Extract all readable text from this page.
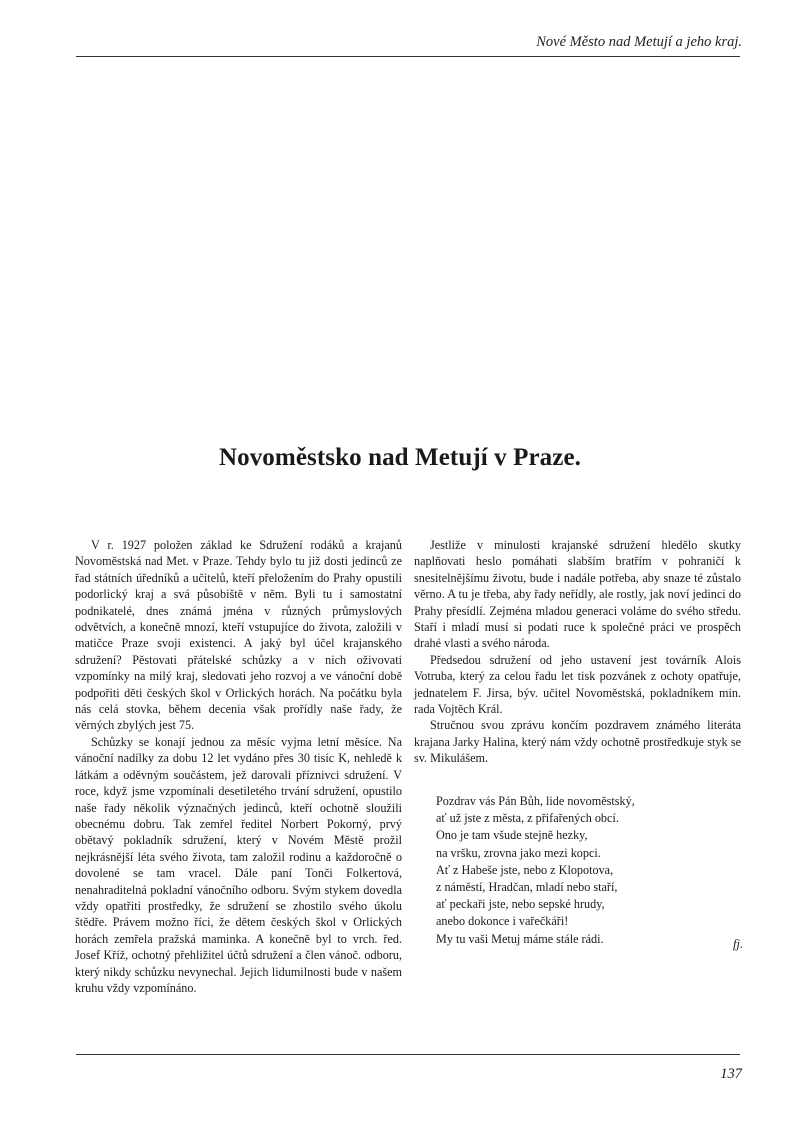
Nové Město nad Metují a jeho kraj.
Novoměstsko nad Metují v Praze.

V r. 1927 položen základ ke Sdružení rodáků a krajanů Novoměstská nad Met. v Praze. Tehdy bylo tu již dosti jedinců ze řad státních úředníků a učitelů, kteří přeložením do Prahy opustili podorlický kraj a svá působiště v něm. Byli tu i samostatní podnikatelé, dnes známá jména v různých průmyslových odvětvích, a konečně mnozí, kteří vstupujíce do života, založili v matičce Praze svoji existenci. A jaký byl účel krajanského sdružení? Pěstovati přátelské schůzky a v nich oživovati vzpomínky na milý kraj, sledovati jeho rozvoj a ve vánoční době podpořiti děti českých škol v Orlických horách. Na počátku byla nás celá stovka, během decenia však prořídly naše řady, že věrných zbylých jest 75.

Schůzky se konají jednou za měsíc vyjma letní měsíce. Na vánoční nadílky za dobu 12 let vydáno přes 30 tisíc K, nehledě k látkám a oděvným součástem, jež darovali příznivci sdružení. V roce, když jsme vzpomínali desetiletého trvání sdružení, opustilo naše řady několik význačných jedinců, kteří ochotně sloužili obecnému dobru. Tak zemřel ředitel Norbert Pokorný, prvý obětavý pokladník sdružení, který v Novém Městě prožil nejkrásnější léta svého života, tam založil rodinu a každoročně o dovolené se tam vracel. Dále paní Tonči Folkertová, nenahraditelná pokladní vánočního odboru. Svým stykem dovedla vždy opatřiti prostředky, že sdružení se zhostilo svého úkolu štědře. Právem možno říci, že dětem českých škol v Orlických horách zemřela pražská maminka. A konečně byl to vrch. řed. Josef Kříž, ochotný přehližitel účtů sdružení a člen vánoč. odboru, který nikdy schůzku nevynechal. Jejich lidumilnosti bude v našem kruhu vždy vzpomínáno.

Jestliže v minulosti krajanské sdružení hledělo skutky naplňovati heslo pomáhati slabším bratřím v pohraničí k snesitelnějšímu životu, bude i nadále potřeba, aby snaze té zůstalo věrno. A tu je třeba, aby řady neřídly, ale rostly, jak noví jedinci do Prahy přesídlí. Zejména mladou generaci voláme do svého středu. Staří i mladí musí si podati ruce k společné práci ve prospěch drahé vlasti a svého národa.

Předsedou sdružení od jeho ustavení jest továrník Alois Votruba, který za celou řadu let tisk pozvánek z ochoty opatřuje, jednatelem F. Jirsa, býv. učitel Novoměstská, pokladníkem min. rada Vojtěch Král.

Stručnou svou zprávu končím pozdravem známého literáta krajana Jarky Halina, který nám vždy ochotně prostředkuje styk se sv. Mikulášem.

Pozdrav vás Pán Bůh, lide novoměstský,
ať už jste z města, z přifařených obcí.
Ono je tam všude stejně hezky,
na vršku, zrovna jako mezi kopci.
Ať z Habeše jste, nebo z Klopotova,
z náměstí, Hradčan, mladí nebo staří,
ať peckaři jste, nebo sepské hrudy,
anebo dokonce i vařečkáři!
My tu vaši Metuj máme stále rádi.	fj.
137
